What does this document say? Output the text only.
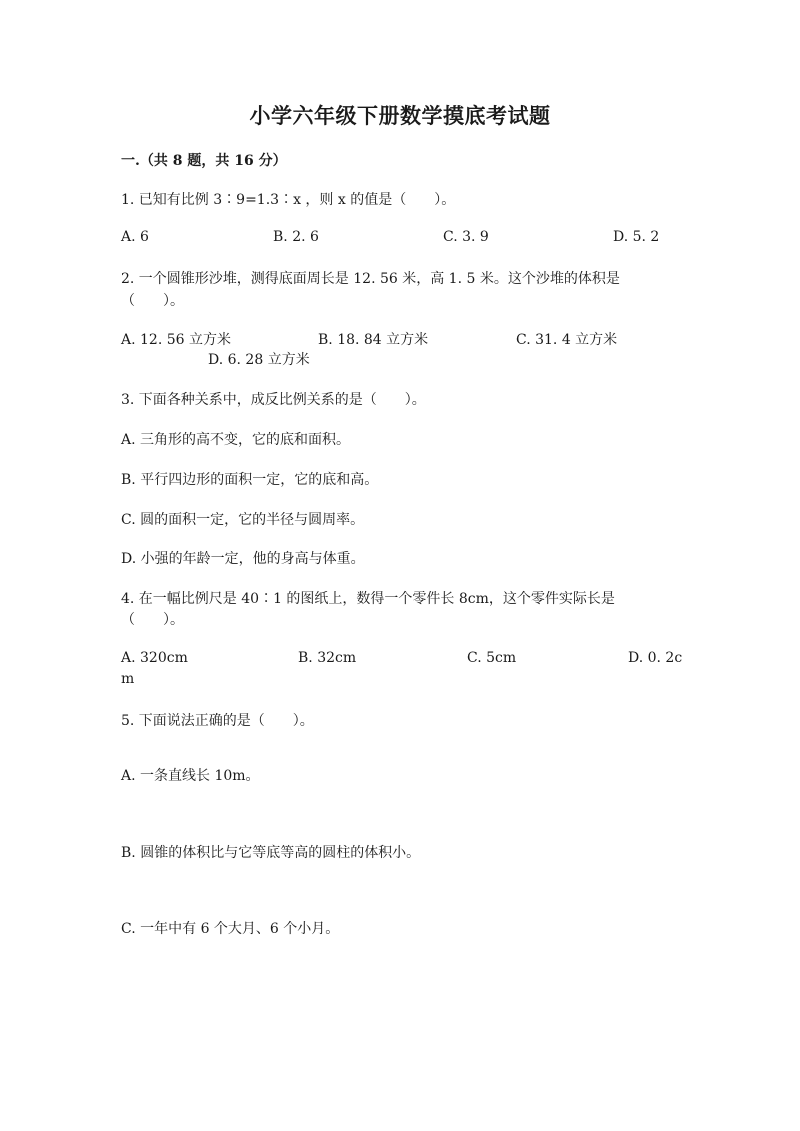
小学六年级下册数学摸底考试题
一.（共 8 题，共 16 分）
1. 已知有比例 3∶9=1.3∶x ，则 x 的值是（　　）。
A. 6	B. 2. 6	C. 3. 9	D. 5. 2
2. 一个圆锥形沙堆，测得底面周长是 12. 56 米，高 1. 5 米。这个沙堆的体积是
（　　）。
A. 12. 56 立方米	B. 18. 84 立方米	C. 31. 4 立方米
D. 6. 28 立方米
3. 下面各种关系中，成反比例关系的是（　　）。
A. 三角形的高不变，它的底和面积。
B. 平行四边形的面积一定，它的底和高。
C. 圆的面积一定，它的半径与圆周率。
D. 小强的年龄一定，他的身高与体重。
4. 在一幅比例尺是 40∶1 的图纸上，数得一个零件长 8cm，这个零件实际长是
（　　）。
A. 320cm	B. 32cm	C. 5cm	D. 0. 2c
m
5. 下面说法正确的是（　　）。
A. 一条直线长 10m。
B. 圆锥的体积比与它等底等高的圆柱的体积小。
C. 一年中有 6 个大月、6 个小月。
